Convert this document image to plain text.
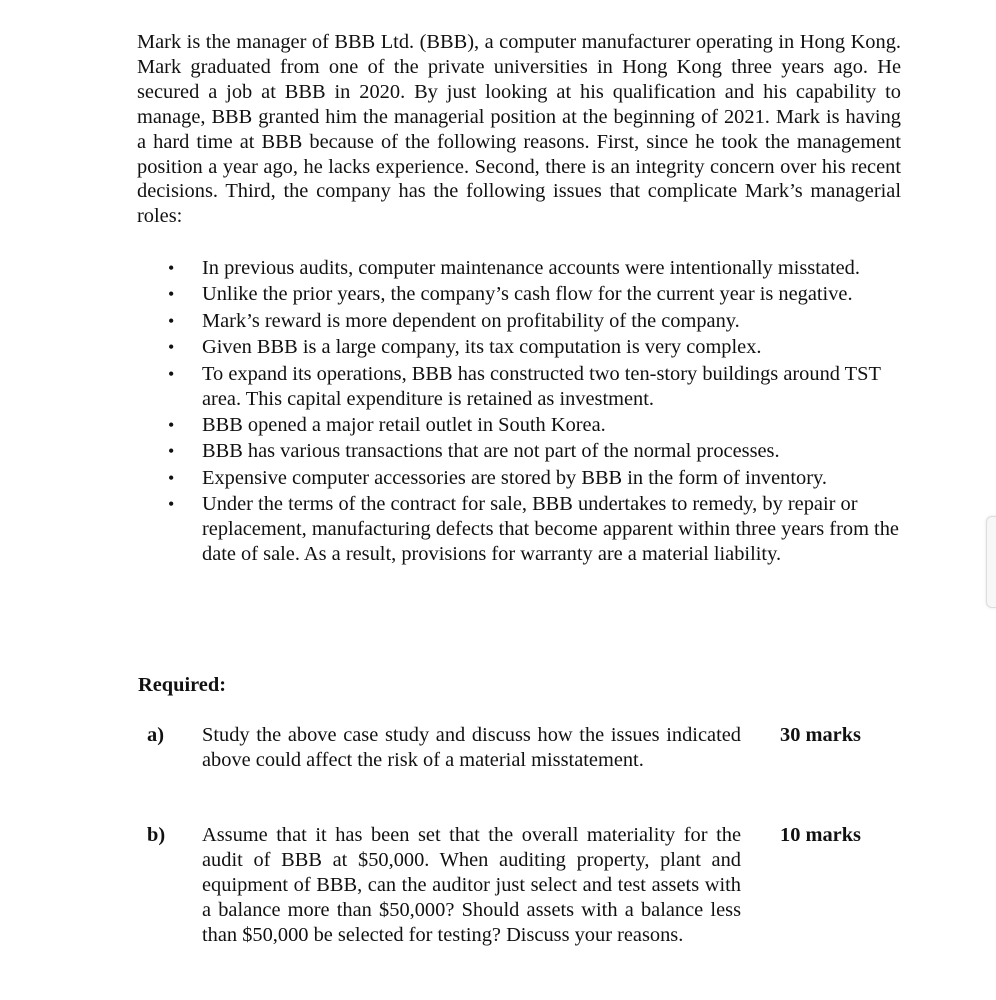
Mark is the manager of BBB Ltd. (BBB), a computer manufacturer operating in Hong Kong. Mark graduated from one of the private universities in Hong Kong three years ago. He secured a job at BBB in 2020. By just looking at his qualification and his capability to manage, BBB granted him the managerial position at the beginning of 2021. Mark is having a hard time at BBB because of the following reasons. First, since he took the management position a year ago, he lacks experience. Second, there is an integrity concern over his recent decisions. Third, the company has the following issues that complicate Mark’s managerial roles:

• In previous audits, computer maintenance accounts were intentionally misstated.
• Unlike the prior years, the company’s cash flow for the current year is negative.
• Mark’s reward is more dependent on profitability of the company.
• Given BBB is a large company, its tax computation is very complex.
• To expand its operations, BBB has constructed two ten-story buildings around TST area. This capital expenditure is retained as investment.
• BBB opened a major retail outlet in South Korea.
• BBB has various transactions that are not part of the normal processes.
• Expensive computer accessories are stored by BBB in the form of inventory.
• Under the terms of the contract for sale, BBB undertakes to remedy, by repair or replacement, manufacturing defects that become apparent within three years from the date of sale. As a result, provisions for warranty are a material liability.

Required:

a) Study the above case study and discuss how the issues indicated above could affect the risk of a material misstatement.
30 marks
b) Assume that it has been set that the overall materiality for the audit of BBB at $50,000. When auditing property, plant and equipment of BBB, can the auditor just select and test assets with a balance more than $50,000? Should assets with a balance less than $50,000 be selected for testing? Discuss your reasons.
10 marks
